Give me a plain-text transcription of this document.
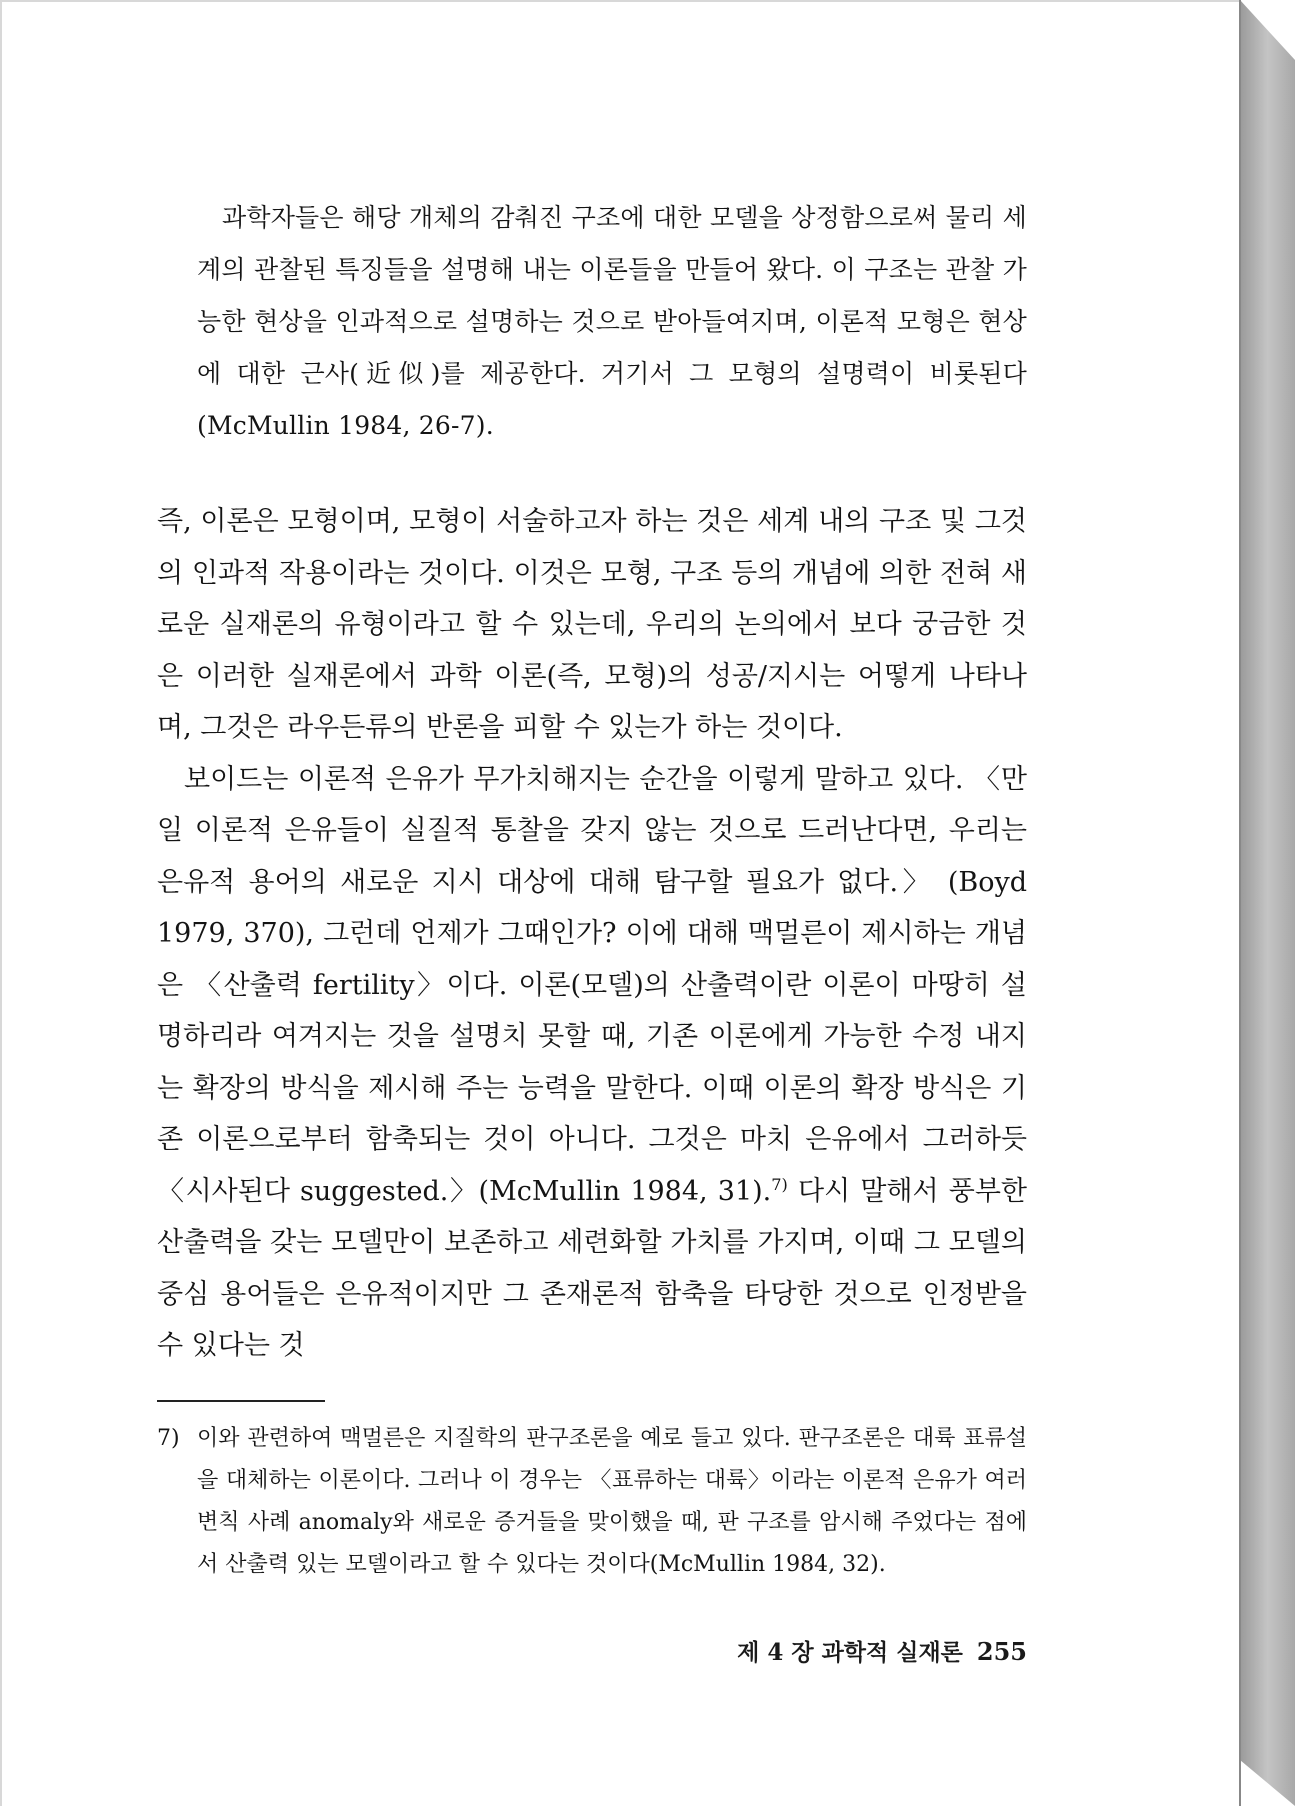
과학자들은 해당 개체의 감춰진 구조에 대한 모델을 상정함으로써 물리 세계의 관찰된 특징들을 설명해 내는 이론들을 만들어 왔다. 이 구조는 관찰 가능한 현상을 인과적으로 설명하는 것으로 받아들여지며, 이론적 모형은 현상에 대한 근사(近似)를 제공한다. 거기서 그 모형의 설명력이 비롯된다(McMullin 1984, 26-7).

즉, 이론은 모형이며, 모형이 서술하고자 하는 것은 세계 내의 구조 및 그것의 인과적 작용이라는 것이다. 이것은 모형, 구조 등의 개념에 의한 전혀 새로운 실재론의 유형이라고 할 수 있는데, 우리의 논의에서 보다 궁금한 것은 이러한 실재론에서 과학 이론(즉, 모형)의 성공/지시는 어떻게 나타나며, 그것은 라우든류의 반론을 피할 수 있는가 하는 것이다.

보이드는 이론적 은유가 무가치해지는 순간을 이렇게 말하고 있다. 〈만일 이론적 은유들이 실질적 통찰을 갖지 않는 것으로 드러난다면, 우리는 은유적 용어의 새로운 지시 대상에 대해 탐구할 필요가 없다.〉 (Boyd 1979, 370), 그런데 언제가 그때인가? 이에 대해 맥멀른이 제시하는 개념은 〈산출력 fertility〉이다. 이론(모델)의 산출력이란 이론이 마땅히 설명하리라 여겨지는 것을 설명치 못할 때, 기존 이론에게 가능한 수정 내지는 확장의 방식을 제시해 주는 능력을 말한다. 이때 이론의 확장 방식은 기존 이론으로부터 함축되는 것이 아니다. 그것은 마치 은유에서 그러하듯 〈시사된다 suggested.〉(McMullin 1984, 31).$^{7)}$ 다시 말해서 풍부한 산출력을 갖는 모델만이 보존하고 세련화할 가치를 가지며, 이때 그 모델의 중심 용어들은 은유적이지만 그 존재론적 함축을 타당한 것으로 인정받을 수 있다는 것

7) 이와 관련하여 맥멀른은 지질학의 판구조론을 예로 들고 있다. 판구조론은 대륙 표류설을 대체하는 이론이다. 그러나 이 경우는 〈표류하는 대륙〉이라는 이론적 은유가 여러 변칙 사례 anomaly와 새로운 증거들을 맞이했을 때, 판 구조를 암시해 주었다는 점에서 산출력 있는 모델이라고 할 수 있다는 것이다(McMullin 1984, 32).
제 4 장 과학적 실재론 255
